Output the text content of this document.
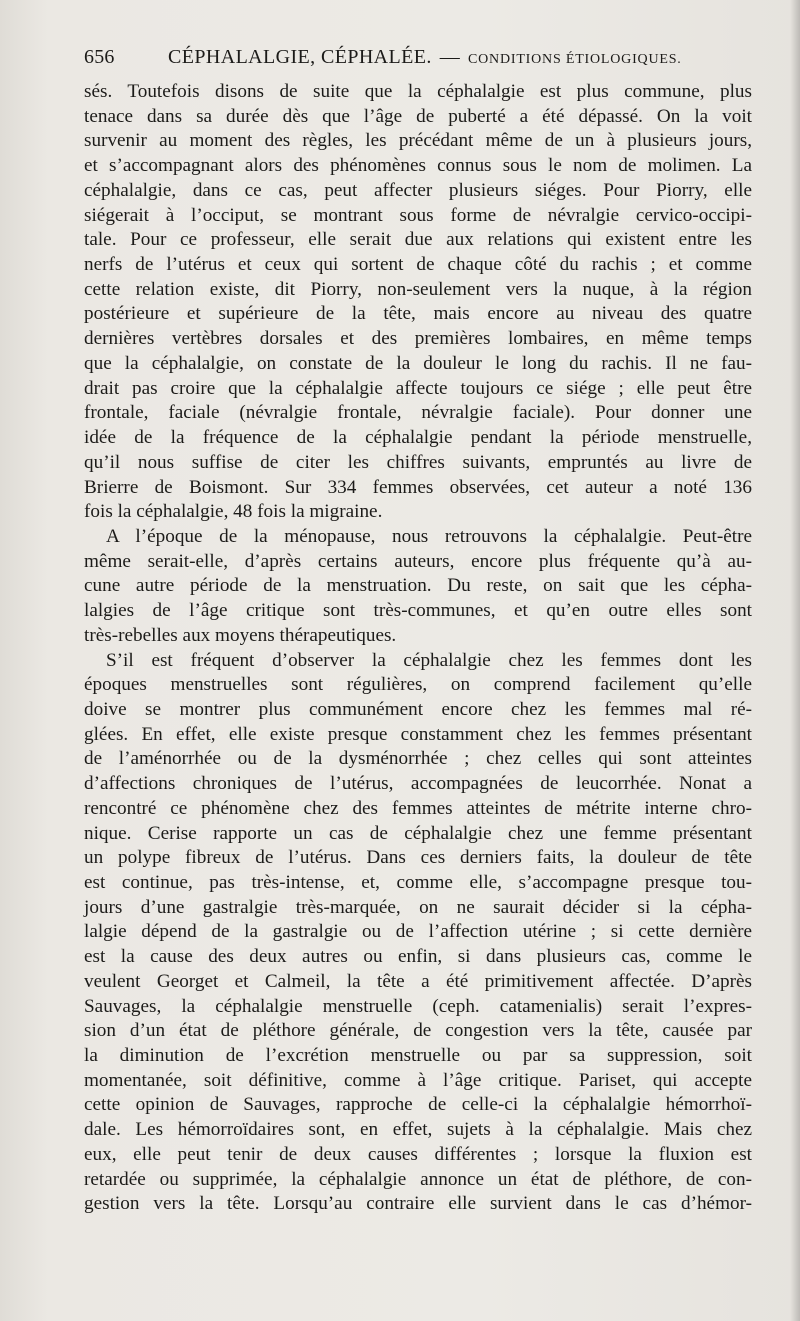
656	CÉPHALALGIE, CÉPHALÉE. — CONDITIONS ÉTIOLOGIQUES.
sés. Toutefois disons de suite que la céphalalgie est plus commune, plus
tenace dans sa durée dès que l’âge de puberté a été dépassé. On la voit
survenir au moment des règles, les précédant même de un à plusieurs jours,
et s’accompagnant alors des phénomènes connus sous le nom de molimen. La
céphalalgie, dans ce cas, peut affecter plusieurs siéges. Pour Piorry, elle
siégerait à l’occiput, se montrant sous forme de névralgie cervico-occipi-
tale. Pour ce professeur, elle serait due aux relations qui existent entre les
nerfs de l’utérus et ceux qui sortent de chaque côté du rachis ; et comme
cette relation existe, dit Piorry, non-seulement vers la nuque, à la région
postérieure et supérieure de la tête, mais encore au niveau des quatre
dernières vertèbres dorsales et des premières lombaires, en même temps
que la céphalalgie, on constate de la douleur le long du rachis. Il ne fau-
drait pas croire que la céphalalgie affecte toujours ce siége ; elle peut être
frontale, faciale (névralgie frontale, névralgie faciale). Pour donner une
idée de la fréquence de la céphalalgie pendant la période menstruelle,
qu’il nous suffise de citer les chiffres suivants, empruntés au livre de
Brierre de Boismont. Sur 334 femmes observées, cet auteur a noté 136
fois la céphalalgie, 48 fois la migraine.
A l’époque de la ménopause, nous retrouvons la céphalalgie. Peut-être
même serait-elle, d’après certains auteurs, encore plus fréquente qu’à au-
cune autre période de la menstruation. Du reste, on sait que les cépha-
lalgies de l’âge critique sont très-communes, et qu’en outre elles sont
très-rebelles aux moyens thérapeutiques.
S’il est fréquent d’observer la céphalalgie chez les femmes dont les
époques menstruelles sont régulières, on comprend facilement qu’elle
doive se montrer plus communément encore chez les femmes mal ré-
glées. En effet, elle existe presque constamment chez les femmes présentant
de l’aménorrhée ou de la dysménorrhée ; chez celles qui sont atteintes
d’affections chroniques de l’utérus, accompagnées de leucorrhée. Nonat a
rencontré ce phénomène chez des femmes atteintes de métrite interne chro-
nique. Cerise rapporte un cas de céphalalgie chez une femme présentant
un polype fibreux de l’utérus. Dans ces derniers faits, la douleur de tête
est continue, pas très-intense, et, comme elle, s’accompagne presque tou-
jours d’une gastralgie très-marquée, on ne saurait décider si la cépha-
lalgie dépend de la gastralgie ou de l’affection utérine ; si cette dernière
est la cause des deux autres ou enfin, si dans plusieurs cas, comme le
veulent Georget et Calmeil, la tête a été primitivement affectée. D’après
Sauvages, la céphalalgie menstruelle (ceph. catamenialis) serait l’expres-
sion d’un état de pléthore générale, de congestion vers la tête, causée par
la diminution de l’excrétion menstruelle ou par sa suppression, soit
momentanée, soit définitive, comme à l’âge critique. Pariset, qui accepte
cette opinion de Sauvages, rapproche de celle-ci la céphalalgie hémorrhoï-
dale. Les hémorroïdaires sont, en effet, sujets à la céphalalgie. Mais chez
eux, elle peut tenir de deux causes différentes ; lorsque la fluxion est
retardée ou supprimée, la céphalalgie annonce un état de pléthore, de con-
gestion vers la tête. Lorsqu’au contraire elle survient dans le cas d’hémor-
